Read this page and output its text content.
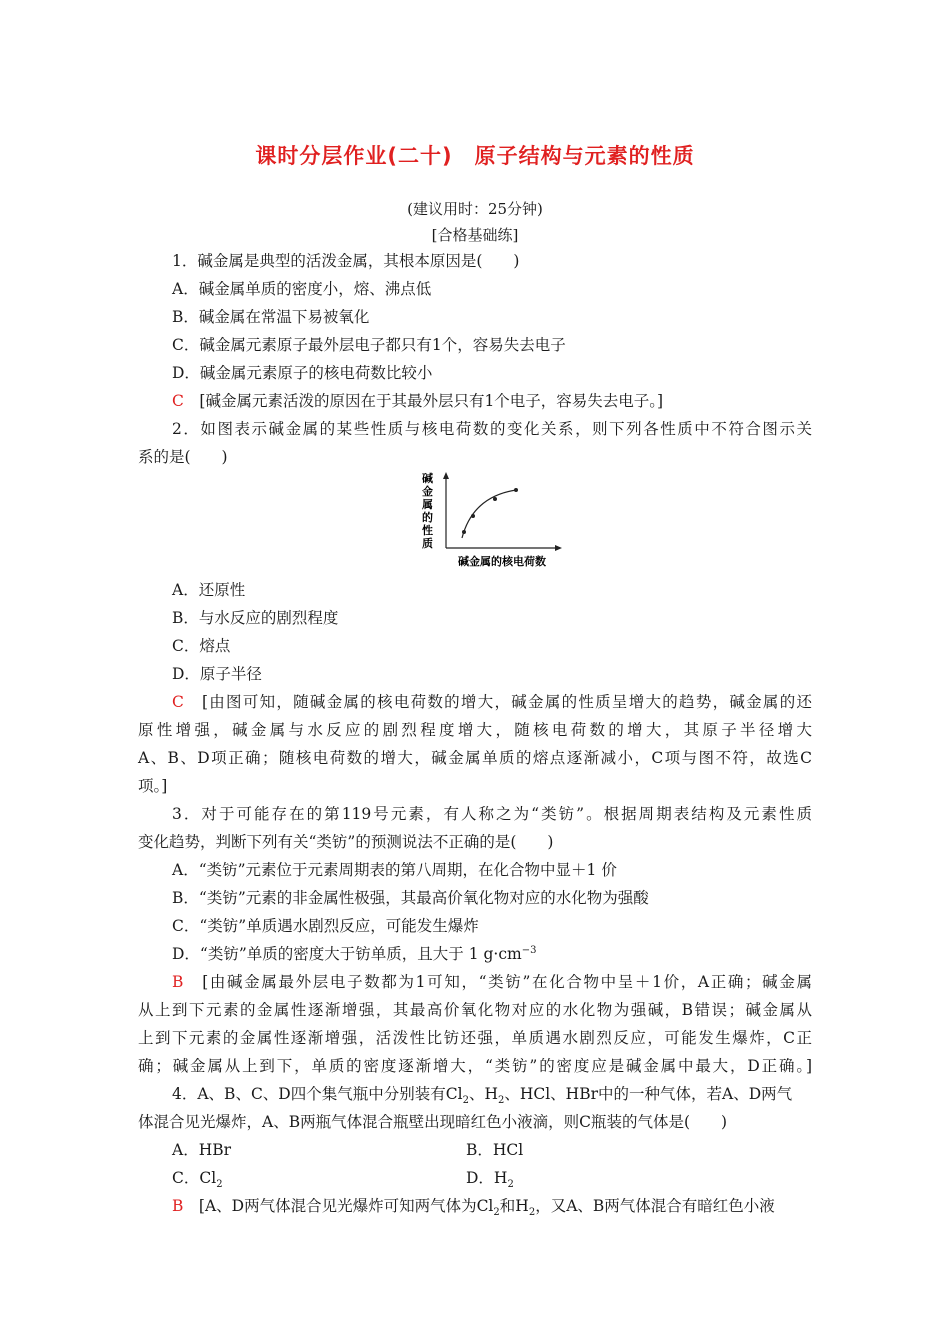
课时分层作业(二十)　原子结构与元素的性质
(建议用时：25分钟)
[合格基础练]
1．碱金属是典型的活泼金属，其根本原因是(　　)
A．碱金属单质的密度小，熔、沸点低
B．碱金属在常温下易被氧化
C．碱金属元素原子最外层电子都只有1个，容易失去电子
D．碱金属元素原子的核电荷数比较小
C　 [碱金属元素活泼的原因在于其最外层只有1个电子，容易失去电子。]
2．如图表示碱金属的某些性质与核电荷数的变化关系，则下列各性质中不符合图示关
系的是(　　)
碱
金
属
的
性
质
碱金属的核电荷数
A．还原性
B．与水反应的剧烈程度
C．熔点
D．原子半径
C　 [由图可知，随碱金属的核电荷数的增大，碱金属的性质呈增大的趋势，碱金属的还
原性增强，碱金属与水反应的剧烈程度增大，随核电荷数的增大，其原子半径增大
A、B、D项正确；随核电荷数的增大，碱金属单质的熔点逐渐减小，C项与图不符，故选C
项。]
3．对于可能存在的第119号元素，有人称之为“类钫”。根据周期表结构及元素性质
变化趋势，判断下列有关“类钫”的预测说法不正确的是(　　)
A．“类钫”元素位于元素周期表的第八周期，在化合物中显＋1 价
B．“类钫”元素的非金属性极强，其最高价氧化物对应的水化物为强酸
C．“类钫”单质遇水剧烈反应，可能发生爆炸
D．“类钫”单质的密度大于钫单质，且大于 1 $g\cdot cm^{-3}$
B　 [由碱金属最外层电子数都为1可知，“类钫”在化合物中呈＋1价，A正确；碱金属
从上到下元素的金属性逐渐增强，其最高价氧化物对应的水化物为强碱，B错误；碱金属从
上到下元素的金属性逐渐增强，活泼性比钫还强，单质遇水剧烈反应，可能发生爆炸，C正
确；碱金属从上到下，单质的密度逐渐增大，“类钫”的密度应是碱金属中最大，D正确。]
4．A、B、C、D四个集气瓶中分别装有$Cl_2$、$H_2$、HCl、HBr中的一种气体，若A、D两气
体混合见光爆炸，A、B两瓶气体混合瓶壁出现暗红色小液滴，则C瓶装的气体是(　　)
A．HBr	B．HCl
C．$Cl_2$	D．$H_2$
B　 [A、D两气体混合见光爆炸可知两气体为$Cl_2$和$H_2$，又A、B两气体混合有暗红色小液
